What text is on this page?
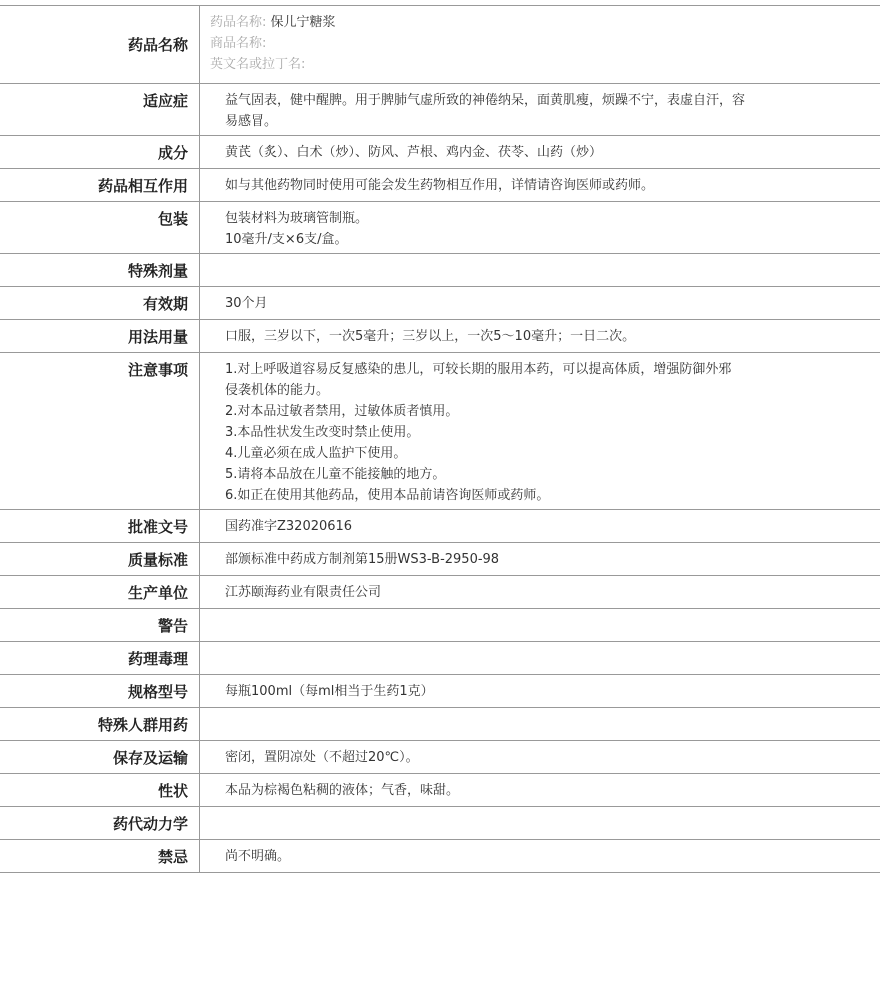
药品名称
药品名称: 保儿宁糖浆
商品名称:
英文名或拉丁名:
适应症	益气固表，健中醒脾。用于脾肺气虚所致的神倦纳呆，面黄肌瘦，烦躁不宁，表虚自汗，容
易感冒。
成分	黄芪（炙）、白术（炒）、防风、芦根、鸡内金、茯苓、山药（炒）
药品相互作用	如与其他药物同时使用可能会发生药物相互作用，详情请咨询医师或药师。
包装	包装材料为玻璃管制瓶。
10毫升/支×6支/盒。
特殊剂量
有效期	30个月
用法用量	口服，三岁以下，一次5毫升；三岁以上，一次5～10毫升；一日二次。
注意事项	1.对上呼吸道容易反复感染的患儿，可较长期的服用本药，可以提高体质，增强防御外邪
侵袭机体的能力。
2.对本品过敏者禁用，过敏体质者慎用。
3.本品性状发生改变时禁止使用。
4.儿童必须在成人监护下使用。
5.请将本品放在儿童不能接触的地方。
6.如正在使用其他药品，使用本品前请咨询医师或药师。
批准文号	国药准字Z32020616
质量标准	部颁标准中药成方制剂第15册WS3-B-2950-98
生产单位	江苏颐海药业有限责任公司
警告
药理毒理
规格型号	每瓶100ml（每ml相当于生药1克）
特殊人群用药
保存及运输	密闭，置阴凉处（不超过20℃）。
性状	本品为棕褐色粘稠的液体；气香，味甜。
药代动力学
禁忌	尚不明确。
